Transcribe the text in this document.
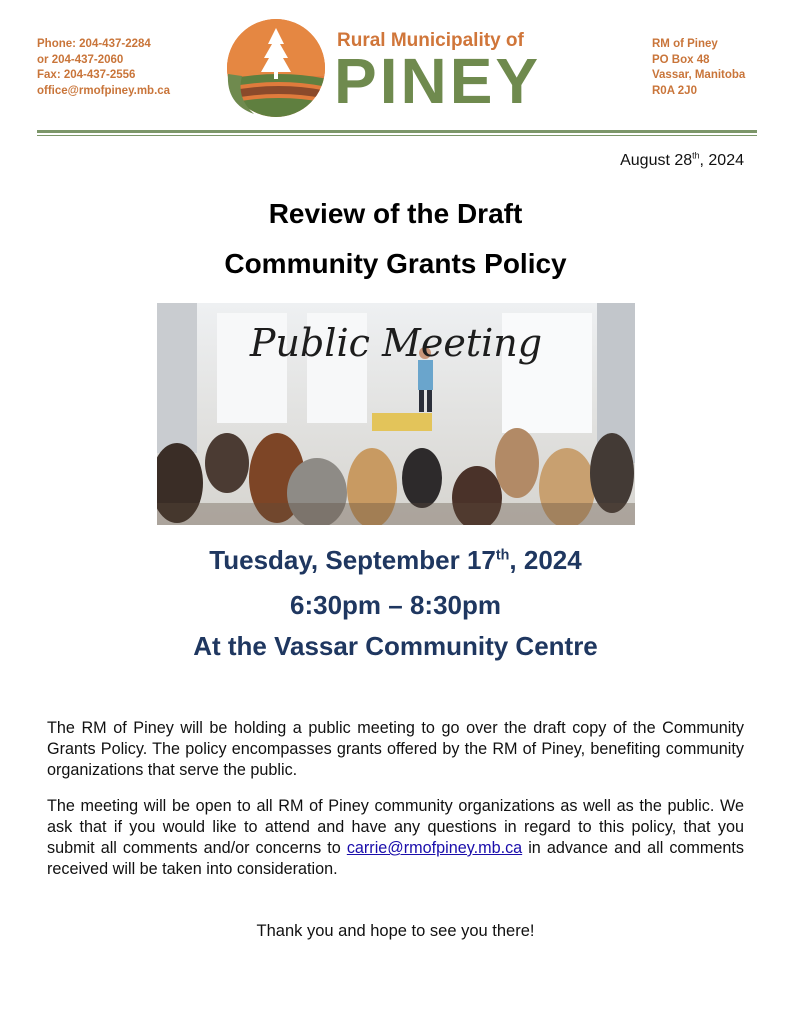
Phone: 204-437-2284
or 204-437-2060
Fax: 204-437-2556
office@rmofpiney.mb.ca
Rural Municipality of
PINEY
RM of Piney
PO Box 48
Vassar, Manitoba
R0A 2J0
August 28th, 2024
Review of the Draft
Community Grants Policy
Public Meeting
Tuesday, September 17th, 2024
6:30pm – 8:30pm
At the Vassar Community Centre
The RM of Piney will be holding a public meeting to go over the draft copy of the Community Grants Policy. The policy encompasses grants offered by the RM of Piney, benefiting community organizations that serve the public.
The meeting will be open to all RM of Piney community organizations as well as the public. We ask that if you would like to attend and have any questions in regard to this policy, that you submit all comments and/or concerns to carrie@rmofpiney.mb.ca in advance and all comments received will be taken into consideration.
Thank you and hope to see you there!
